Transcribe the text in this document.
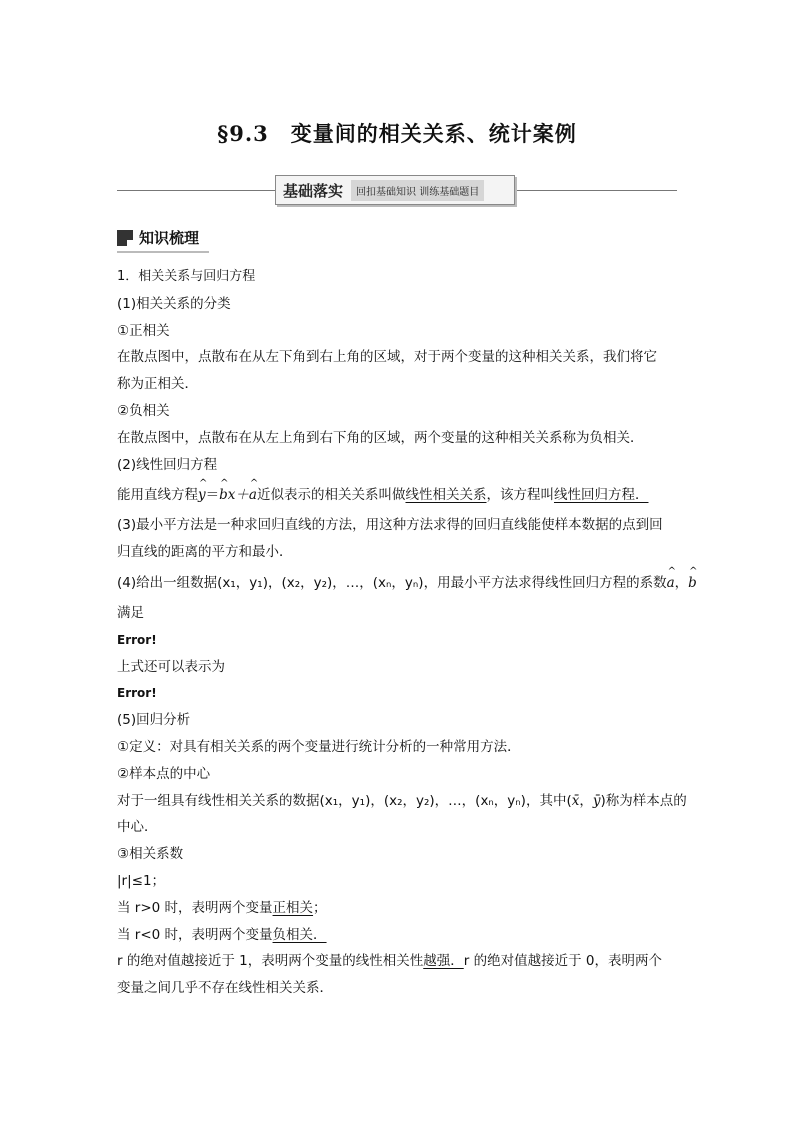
§9.3　变量间的相关关系、统计案例
基础落实	回扣基础知识 训练基础题目
知识梳理
1．相关关系与回归方程
(1)相关关系的分类
①正相关
在散点图中，点散布在从左下角到右上角的区域，对于两个变量的这种相关关系，我们将它
称为正相关．
②负相关
在散点图中，点散布在从左上角到右下角的区域，两个变量的这种相关关系称为负相关．
(2)线性回归方程
能用直线方程^ y＝^ bx＋^ a近似表示的相关关系叫做线性相关关系，该方程叫线性回归方程．
(3)最小平方法是一种求回归直线的方法，用这种方法求得的回归直线能使样本数据的点到回
归直线的距离的平方和最小．
(4)给出一组数据(x₁，y₁)，(x₂，y₂)，…，(xₙ，yₙ)，用最小平方法求得线性回归方程的系数^ a，^ b
满足
Error!
上式还可以表示为
Error!
(5)回归分析
①定义：对具有相关关系的两个变量进行统计分析的一种常用方法．
②样本点的中心
对于一组具有线性相关关系的数据(x₁，y₁)，(x₂，y₂)，…，(xₙ，yₙ)，其中(x̄，ȳ)称为样本点的
中心．
③相关系数
|r|≤1；
当 r>0 时，表明两个变量正相关；
当 r<0 时，表明两个变量负相关．
r 的绝对值越接近于 1，表明两个变量的线性相关性越强．r 的绝对值越接近于 0，表明两个
变量之间几乎不存在线性相关关系．
